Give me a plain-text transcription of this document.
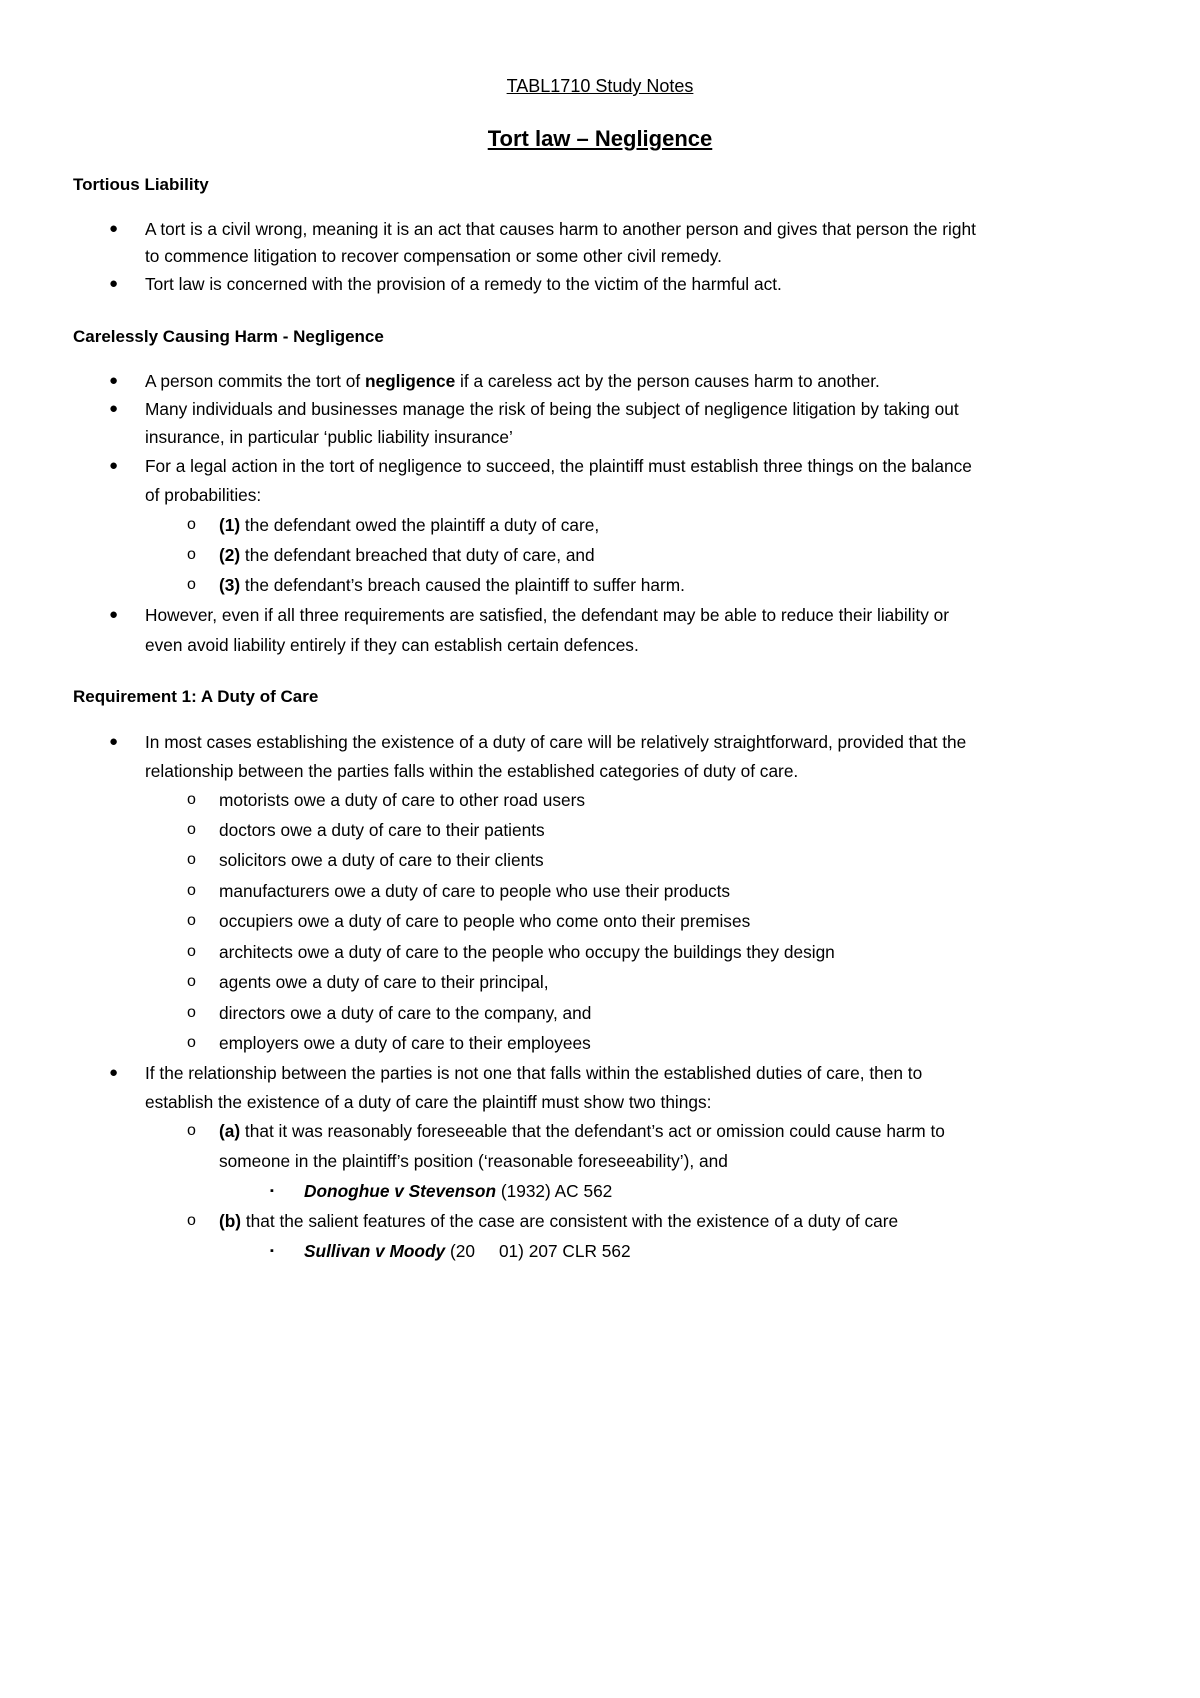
TABL1710 Study Notes
Tort law – Negligence
Tortious Liability
● A tort is a civil wrong, meaning it is an act that causes harm to another person and gives that person the right
to commence litigation to recover compensation or some other civil remedy.
● Tort law is concerned with the provision of a remedy to the victim of the harmful act.
Carelessly Causing Harm - Negligence
● A person commits the tort of negligence if a careless act by the person causes harm to another.
● Many individuals and businesses manage the risk of being the subject of negligence litigation by taking out
insurance, in particular ‘public liability insurance’
● For a legal action in the tort of negligence to succeed, the plaintiff must establish three things on the balance
of probabilities:
o (1) the defendant owed the plaintiff a duty of care,
o (2) the defendant breached that duty of care, and
o (3) the defendant’s breach caused the plaintiff to suffer harm.
● However, even if all three requirements are satisfied, the defendant may be able to reduce their liability or
even avoid liability entirely if they can establish certain defences.
Requirement 1: A Duty of Care
● In most cases establishing the existence of a duty of care will be relatively straightforward, provided that the
relationship between the parties falls within the established categories of duty of care.
o motorists owe a duty of care to other road users
o doctors owe a duty of care to their patients
o solicitors owe a duty of care to their clients
o manufacturers owe a duty of care to people who use their products
o occupiers owe a duty of care to people who come onto their premises
o architects owe a duty of care to the people who occupy the buildings they design
o agents owe a duty of care to their principal,
o directors owe a duty of care to the company, and
o employers owe a duty of care to their employees
● If the relationship between the parties is not one that falls within the established duties of care, then to
establish the existence of a duty of care the plaintiff must show two things:
o (a) that it was reasonably foreseeable that the defendant’s act or omission could cause harm to
someone in the plaintiff’s position (‘reasonable foreseeability’), and
▪ Donoghue v Stevenson (1932) AC 562
o (b) that the salient features of the case are consistent with the existence of a duty of care
▪ Sullivan v Moody (20     01) 207 CLR 562
